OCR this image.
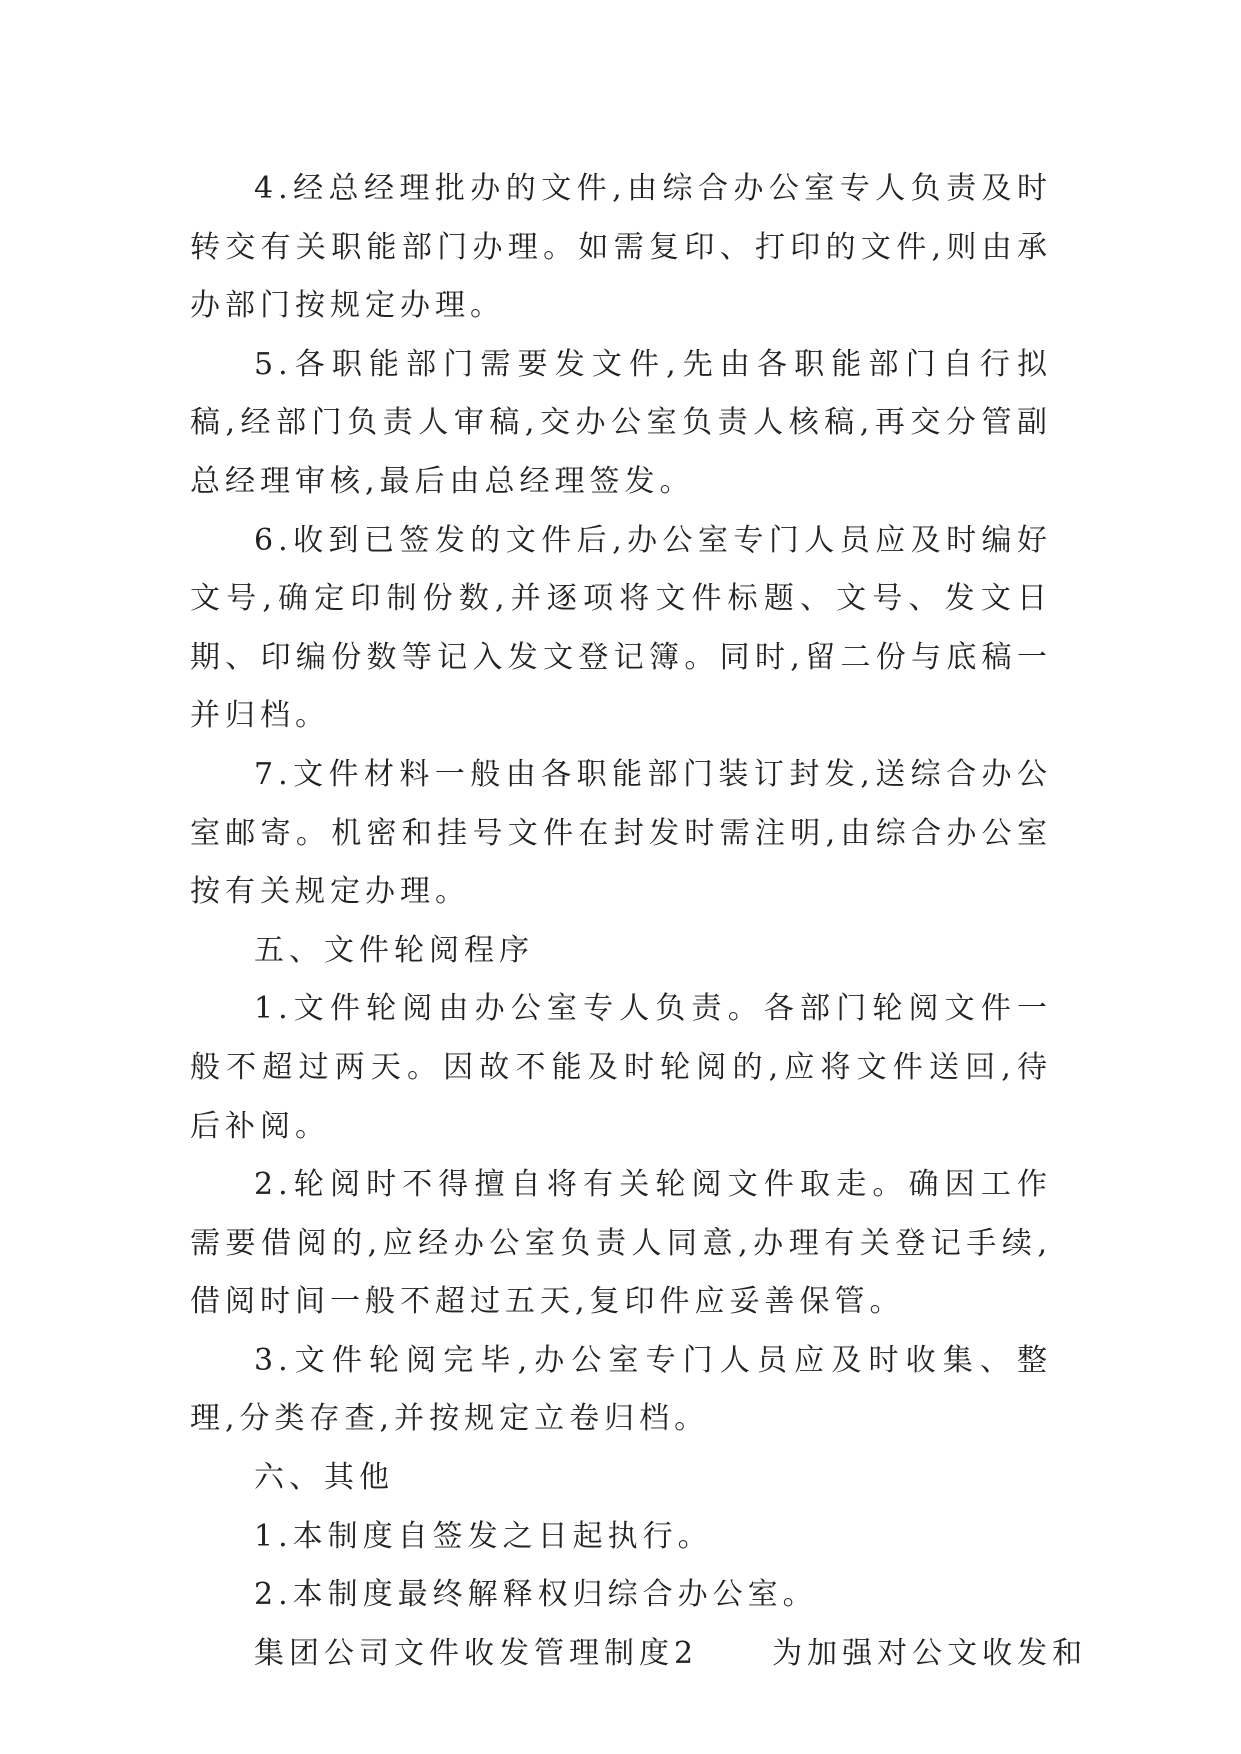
4.经总经理批办的文件,由综合办公室专人负责及时转交有关职能部门办理。如需复印、打印的文件,则由承办部门按规定办理。

5.各职能部门需要发文件,先由各职能部门自行拟稿,经部门负责人审稿,交办公室负责人核稿,再交分管副总经理审核,最后由总经理签发。

6.收到已签发的文件后,办公室专门人员应及时编好文号,确定印制份数,并逐项将文件标题、文号、发文日期、印编份数等记入发文登记簿。同时,留二份与底稿一并归档。

7.文件材料一般由各职能部门装订封发,送综合办公室邮寄。机密和挂号文件在封发时需注明,由综合办公室按有关规定办理。

五、文件轮阅程序

1.文件轮阅由办公室专人负责。各部门轮阅文件一般不超过两天。因故不能及时轮阅的,应将文件送回,待后补阅。

2.轮阅时不得擅自将有关轮阅文件取走。确因工作需要借阅的,应经办公室负责人同意,办理有关登记手续,借阅时间一般不超过五天,复印件应妥善保管。

3.文件轮阅完毕,办公室专门人员应及时收集、整理,分类存查,并按规定立卷归档。

六、其他

1.本制度自签发之日起执行。

2.本制度最终解释权归综合办公室。

集团公司文件收发管理制度2 为加强对公文收发和
